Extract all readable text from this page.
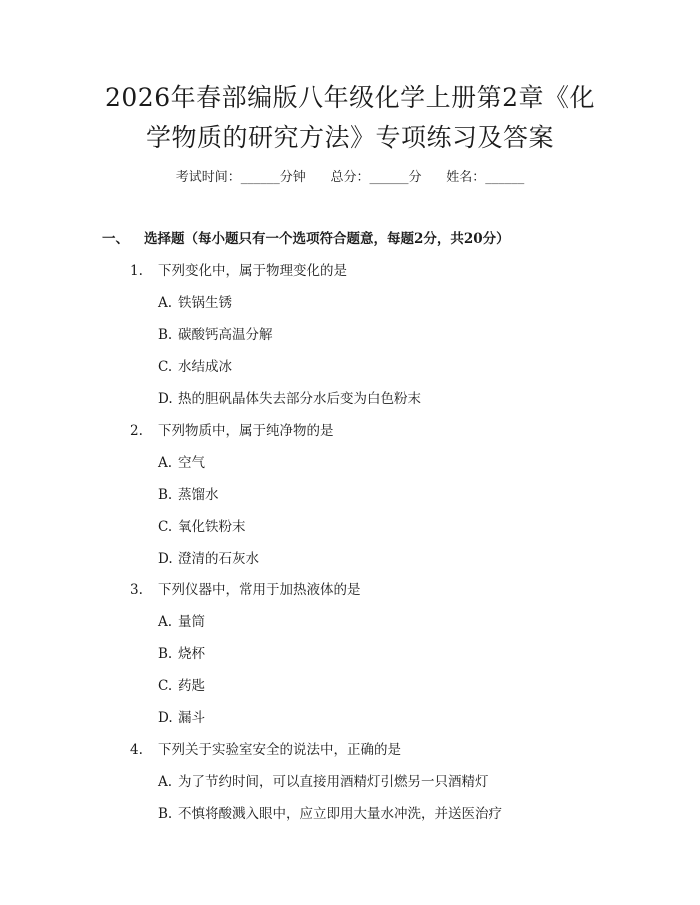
2026年春部编版八年级化学上册第2章《化
学物质的研究方法》专项练习及答案
考试时间：______分钟      总分：______分      姓名：______
一、 选择题（每小题只有一个选项符合题意，每题2分，共20分）
1. 下列变化中，属于物理变化的是
A. 铁锅生锈
B. 碳酸钙高温分解
C. 水结成冰
D. 热的胆矾晶体失去部分水后变为白色粉末
2. 下列物质中，属于纯净物的是
A. 空气
B. 蒸馏水
C. 氧化铁粉末
D. 澄清的石灰水
3. 下列仪器中，常用于加热液体的是
A. 量筒
B. 烧杯
C. 药匙
D. 漏斗
4. 下列关于实验室安全的说法中，正确的是
A. 为了节约时间，可以直接用酒精灯引燃另一只酒精灯
B. 不慎将酸溅入眼中，应立即用大量水冲洗，并送医治疗
